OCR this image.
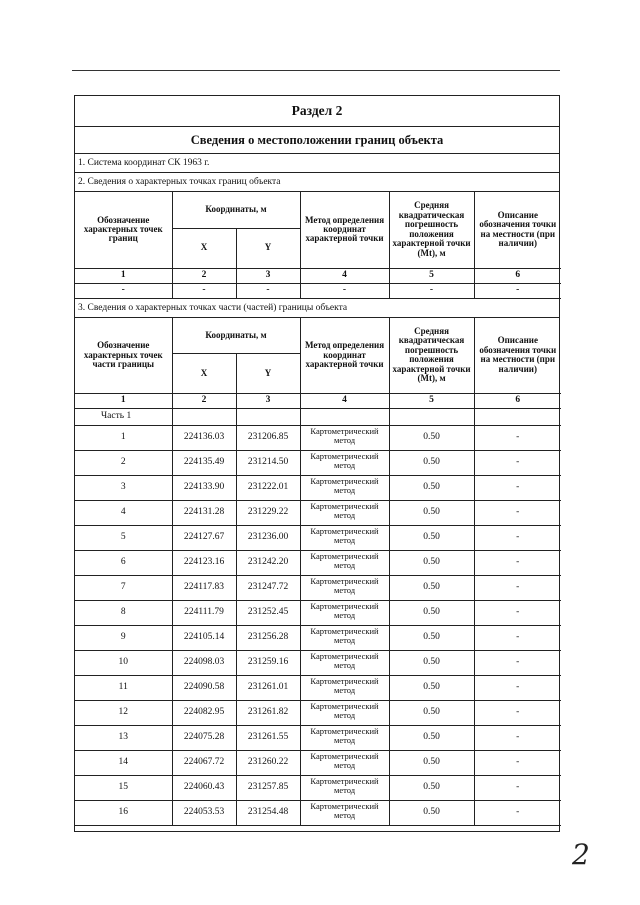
Раздел 2
Сведения о местоположении границ объекта
1. Система координат СК 1963 г.
2. Сведения о характерных точках границ объекта
Обозначение характерных точек границ	Координаты, м		Метод определения координат характерной точки	Средняя квадратическая погрешность положения характерной точки (Мt), м	Описание обозначения точки на местности (при наличии)
	X	Y			
1	2	3	4	5	6
-	-	-	-	-	-
3. Сведения о характерных точках части (частей) границы объекта
Обозначение характерных точек части границы	Координаты, м		Метод определения координат характерной точки	Средняя квадратическая погрешность положения характерной точки (Мt), м	Описание обозначения точки на местности (при наличии)
	X	Y			
1	2	3	4	5	6
Часть 1					
1	224136.03	231206.85	Картометрический метод	0.50	-
2	224135.49	231214.50	Картометрический метод	0.50	-
3	224133.90	231222.01	Картометрический метод	0.50	-
4	224131.28	231229.22	Картометрический метод	0.50	-
5	224127.67	231236.00	Картометрический метод	0.50	-
6	224123.16	231242.20	Картометрический метод	0.50	-
7	224117.83	231247.72	Картометрический метод	0.50	-
8	224111.79	231252.45	Картометрический метод	0.50	-
9	224105.14	231256.28	Картометрический метод	0.50	-
10	224098.03	231259.16	Картометрический метод	0.50	-
11	224090.58	231261.01	Картометрический метод	0.50	-
12	224082.95	231261.82	Картометрический метод	0.50	-
13	224075.28	231261.55	Картометрический метод	0.50	-
14	224067.72	231260.22	Картометрический метод	0.50	-
15	224060.43	231257.85	Картометрический метод	0.50	-
16	224053.53	231254.48	Картометрический метод	0.50	-
2
